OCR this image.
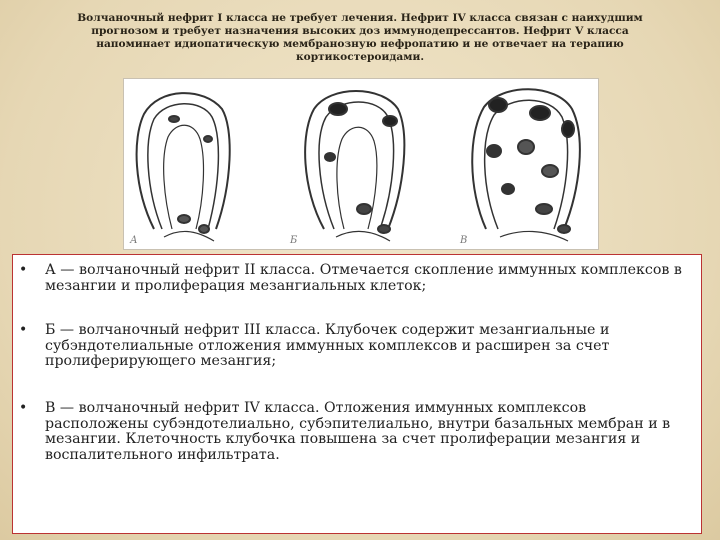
Волчаночный нефрит I класса не требует лечения. Нефрит IV класса связан с наихудшим прогнозом и требует назначения высоких доз иммунодепрессантов. Нефрит V класса напоминает идиопатическую мембранозную нефропатию и не отвечает на терапию кортикостероидами.
А	Б	В
• А — волчаночный нефрит II класса. Отмечается скопление иммунных комплексов в мезангии и пролиферация мезангиальных клеток;
• Б — волчаночный нефрит III класса. Клубочек содержит мезангиальные и субэндотелиальные отложения иммунных комплексов и расширен за счет пролиферирующего мезангия;
• В — волчаночный нефрит IV класса. Отложения иммунных комплексов расположены субэндотелиально, субэпителиально, внутри базальных мембран и в мезангии. Клеточность клубочка повышена за счет пролиферации мезангия и воспалительного инфильтрата.
